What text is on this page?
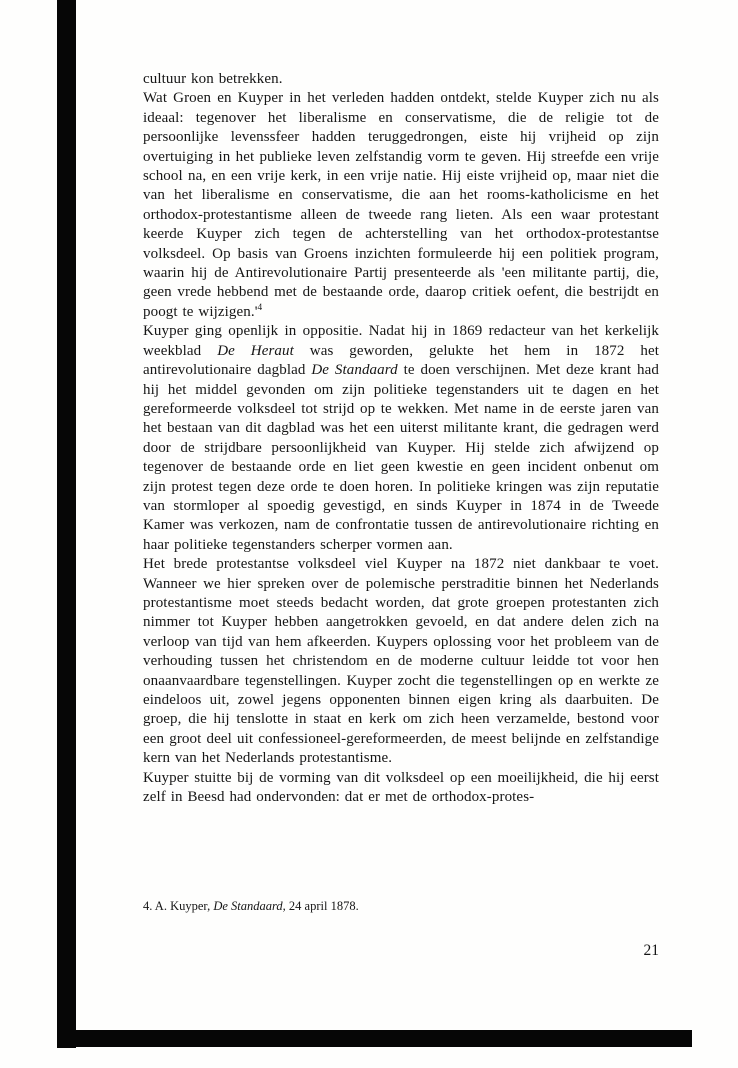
cultuur kon betrekken.

Wat Groen en Kuyper in het verleden hadden ontdekt, stelde Kuyper zich nu als ideaal: tegenover het liberalisme en conservatisme, die de religie tot de persoonlijke levenssfeer hadden teruggedrongen, eiste hij vrijheid op zijn overtuiging in het publieke leven zelfstandig vorm te geven. Hij streefde een vrije school na, en een vrije kerk, in een vrije natie. Hij eiste vrijheid op, maar niet die van het liberalisme en conservatisme, die aan het rooms-katholicisme en het orthodox-protestantisme alleen de tweede rang lieten. Als een waar protestant keerde Kuyper zich tegen de achterstelling van het orthodox-protestantse volksdeel. Op basis van Groens inzichten formuleerde hij een politiek program, waarin hij de Antirevolutionaire Partij presenteerde als 'een militante partij, die, geen vrede hebbend met de bestaande orde, daarop critiek oefent, die bestrijdt en poogt te $wijzigen.'^4$

Kuyper ging openlijk in oppositie. Nadat hij in 1869 redacteur van het kerkelijk weekblad De Heraut was geworden, gelukte het hem in 1872 het antirevolutionaire dagblad De Standaard te doen verschijnen. Met deze krant had hij het middel gevonden om zijn politieke tegenstanders uit te dagen en het gereformeerde volksdeel tot strijd op te wekken. Met name in de eerste jaren van het bestaan van dit dagblad was het een uiterst militante krant, die gedragen werd door de strijdbare persoonlijkheid van Kuyper. Hij stelde zich afwijzend op tegenover de bestaande orde en liet geen kwestie en geen incident onbenut om zijn protest tegen deze orde te doen horen. In politieke kringen was zijn reputatie van stormloper al spoedig gevestigd, en sinds Kuyper in 1874 in de Tweede Kamer was verkozen, nam de confrontatie tussen de antirevolutionaire richting en haar politieke tegenstanders scherper vormen aan.

Het brede protestantse volksdeel viel Kuyper na 1872 niet dankbaar te voet. Wanneer we hier spreken over de polemische perstraditie binnen het Nederlands protestantisme moet steeds bedacht worden, dat grote groepen protestanten zich nimmer tot Kuyper hebben aangetrokken gevoeld, en dat andere delen zich na verloop van tijd van hem afkeerden. Kuypers oplossing voor het probleem van de verhouding tussen het christendom en de moderne cultuur leidde tot voor hen onaanvaardbare tegenstellingen. Kuyper zocht die tegenstellingen op en werkte ze eindeloos uit, zowel jegens opponenten binnen eigen kring als daarbuiten. De groep, die hij tenslotte in staat en kerk om zich heen verzamelde, bestond voor een groot deel uit confessioneel-gereformeerden, de meest belijnde en zelfstandige kern van het Nederlands protestantisme.

Kuyper stuitte bij de vorming van dit volksdeel op een moeilijkheid, die hij eerst zelf in Beesd had ondervonden: dat er met de orthodox-protes-

4. A. Kuyper, De Standaard, 24 april 1878.
21
